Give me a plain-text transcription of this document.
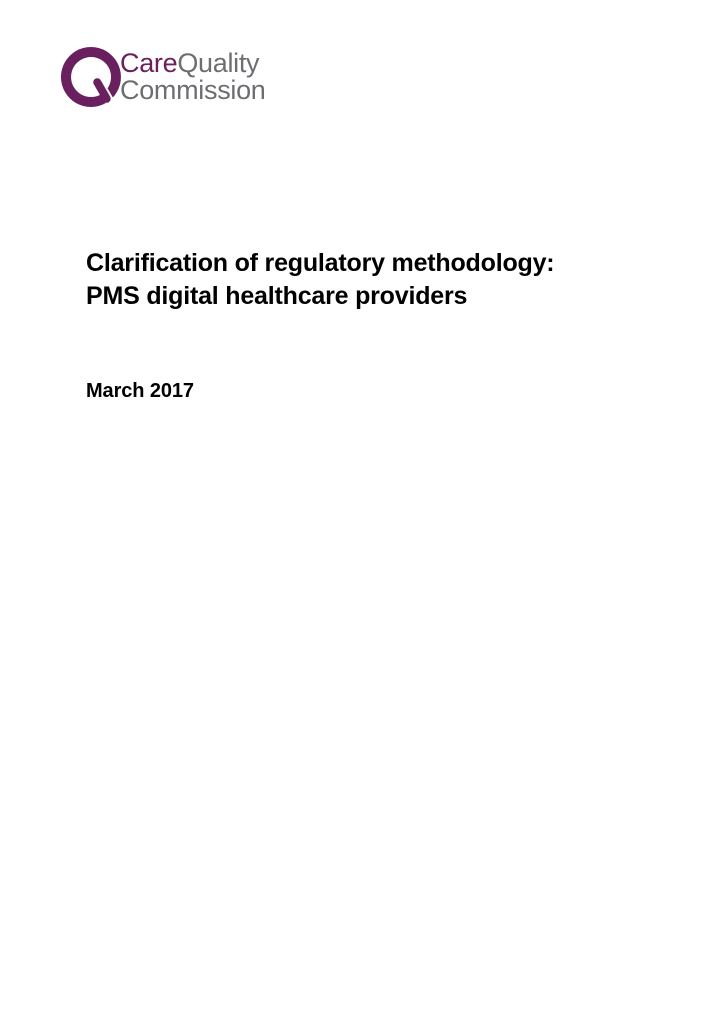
CareQuality Commission
Clarification of regulatory methodology:
PMS digital healthcare providers
March 2017
